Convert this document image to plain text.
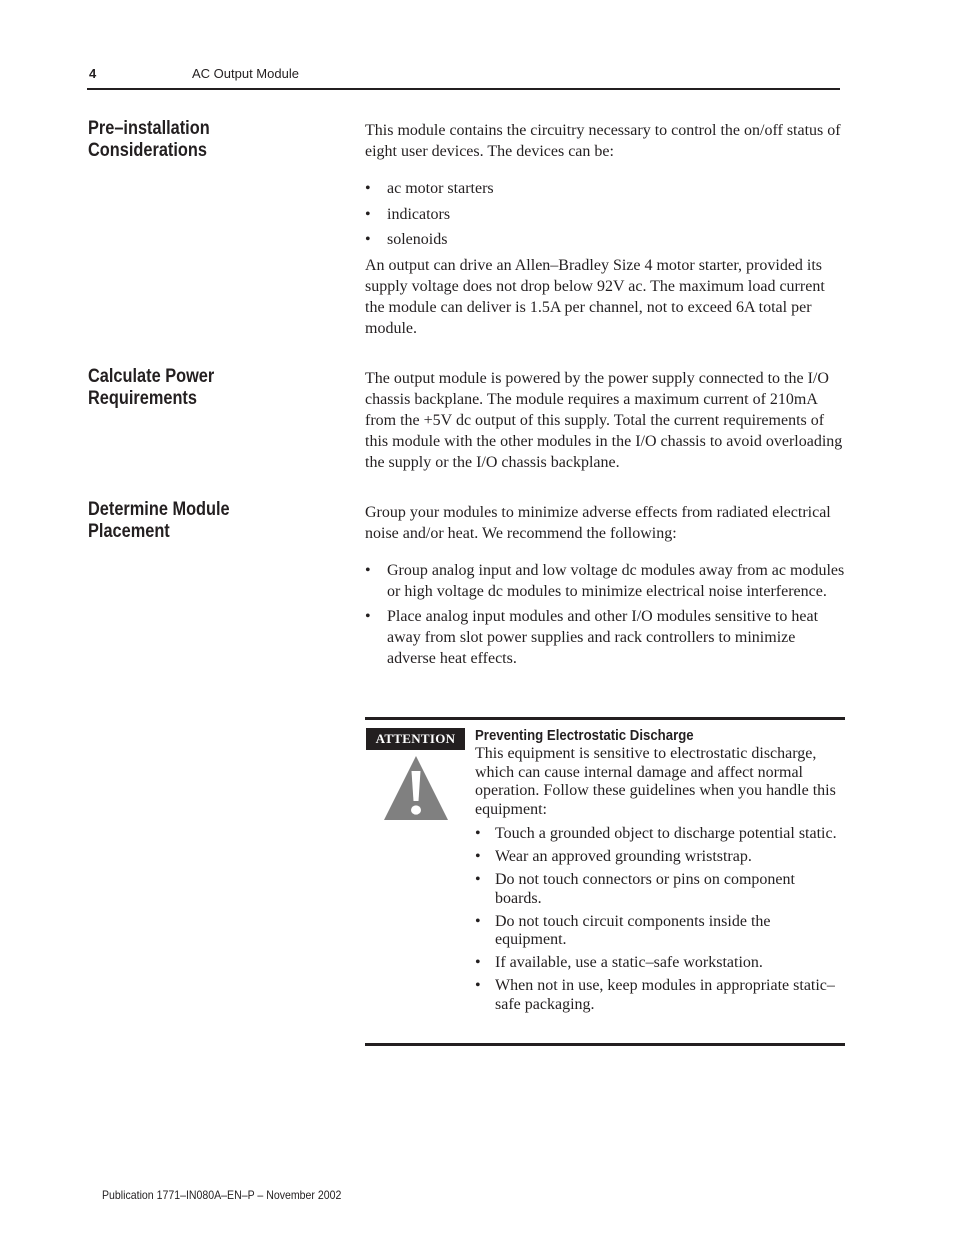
4	AC Output Module
Pre–installation
Considerations

This module contains the circuitry necessary to control the on/off status of eight user devices. The devices can be:

• ac motor starters
• indicators
• solenoids

An output can drive an Allen–Bradley Size 4 motor starter, provided its supply voltage does not drop below 92V ac. The maximum load current the module can deliver is 1.5A per channel, not to exceed 6A total per module.

Calculate Power
Requirements

The output module is powered by the power supply connected to the I/O chassis backplane. The module requires a maximum current of 210mA from the +5V dc output of this supply. Total the current requirements of this module with the other modules in the I/O chassis to avoid overloading the supply or the I/O chassis backplane.

Determine Module
Placement

Group your modules to minimize adverse effects from radiated electrical noise and/or heat. We recommend the following:

• Group analog input and low voltage dc modules away from ac modules or high voltage dc modules to minimize electrical noise interference.
• Place analog input modules and other I/O modules sensitive to heat away from slot power supplies and rack controllers to minimize adverse heat effects.
ATTENTION	Preventing Electrostatic Discharge

This equipment is sensitive to electrostatic discharge, which can cause internal damage and affect normal operation. Follow these guidelines when you handle this equipment:

• Touch a grounded object to discharge potential static.
• Wear an approved grounding wriststrap.
• Do not touch connectors or pins on component boards.
• Do not touch circuit components inside the equipment.
• If available, use a static–safe workstation.
• When not in use, keep modules in appropriate static–safe packaging.
Publication 1771–IN080A–EN–P – November 2002
